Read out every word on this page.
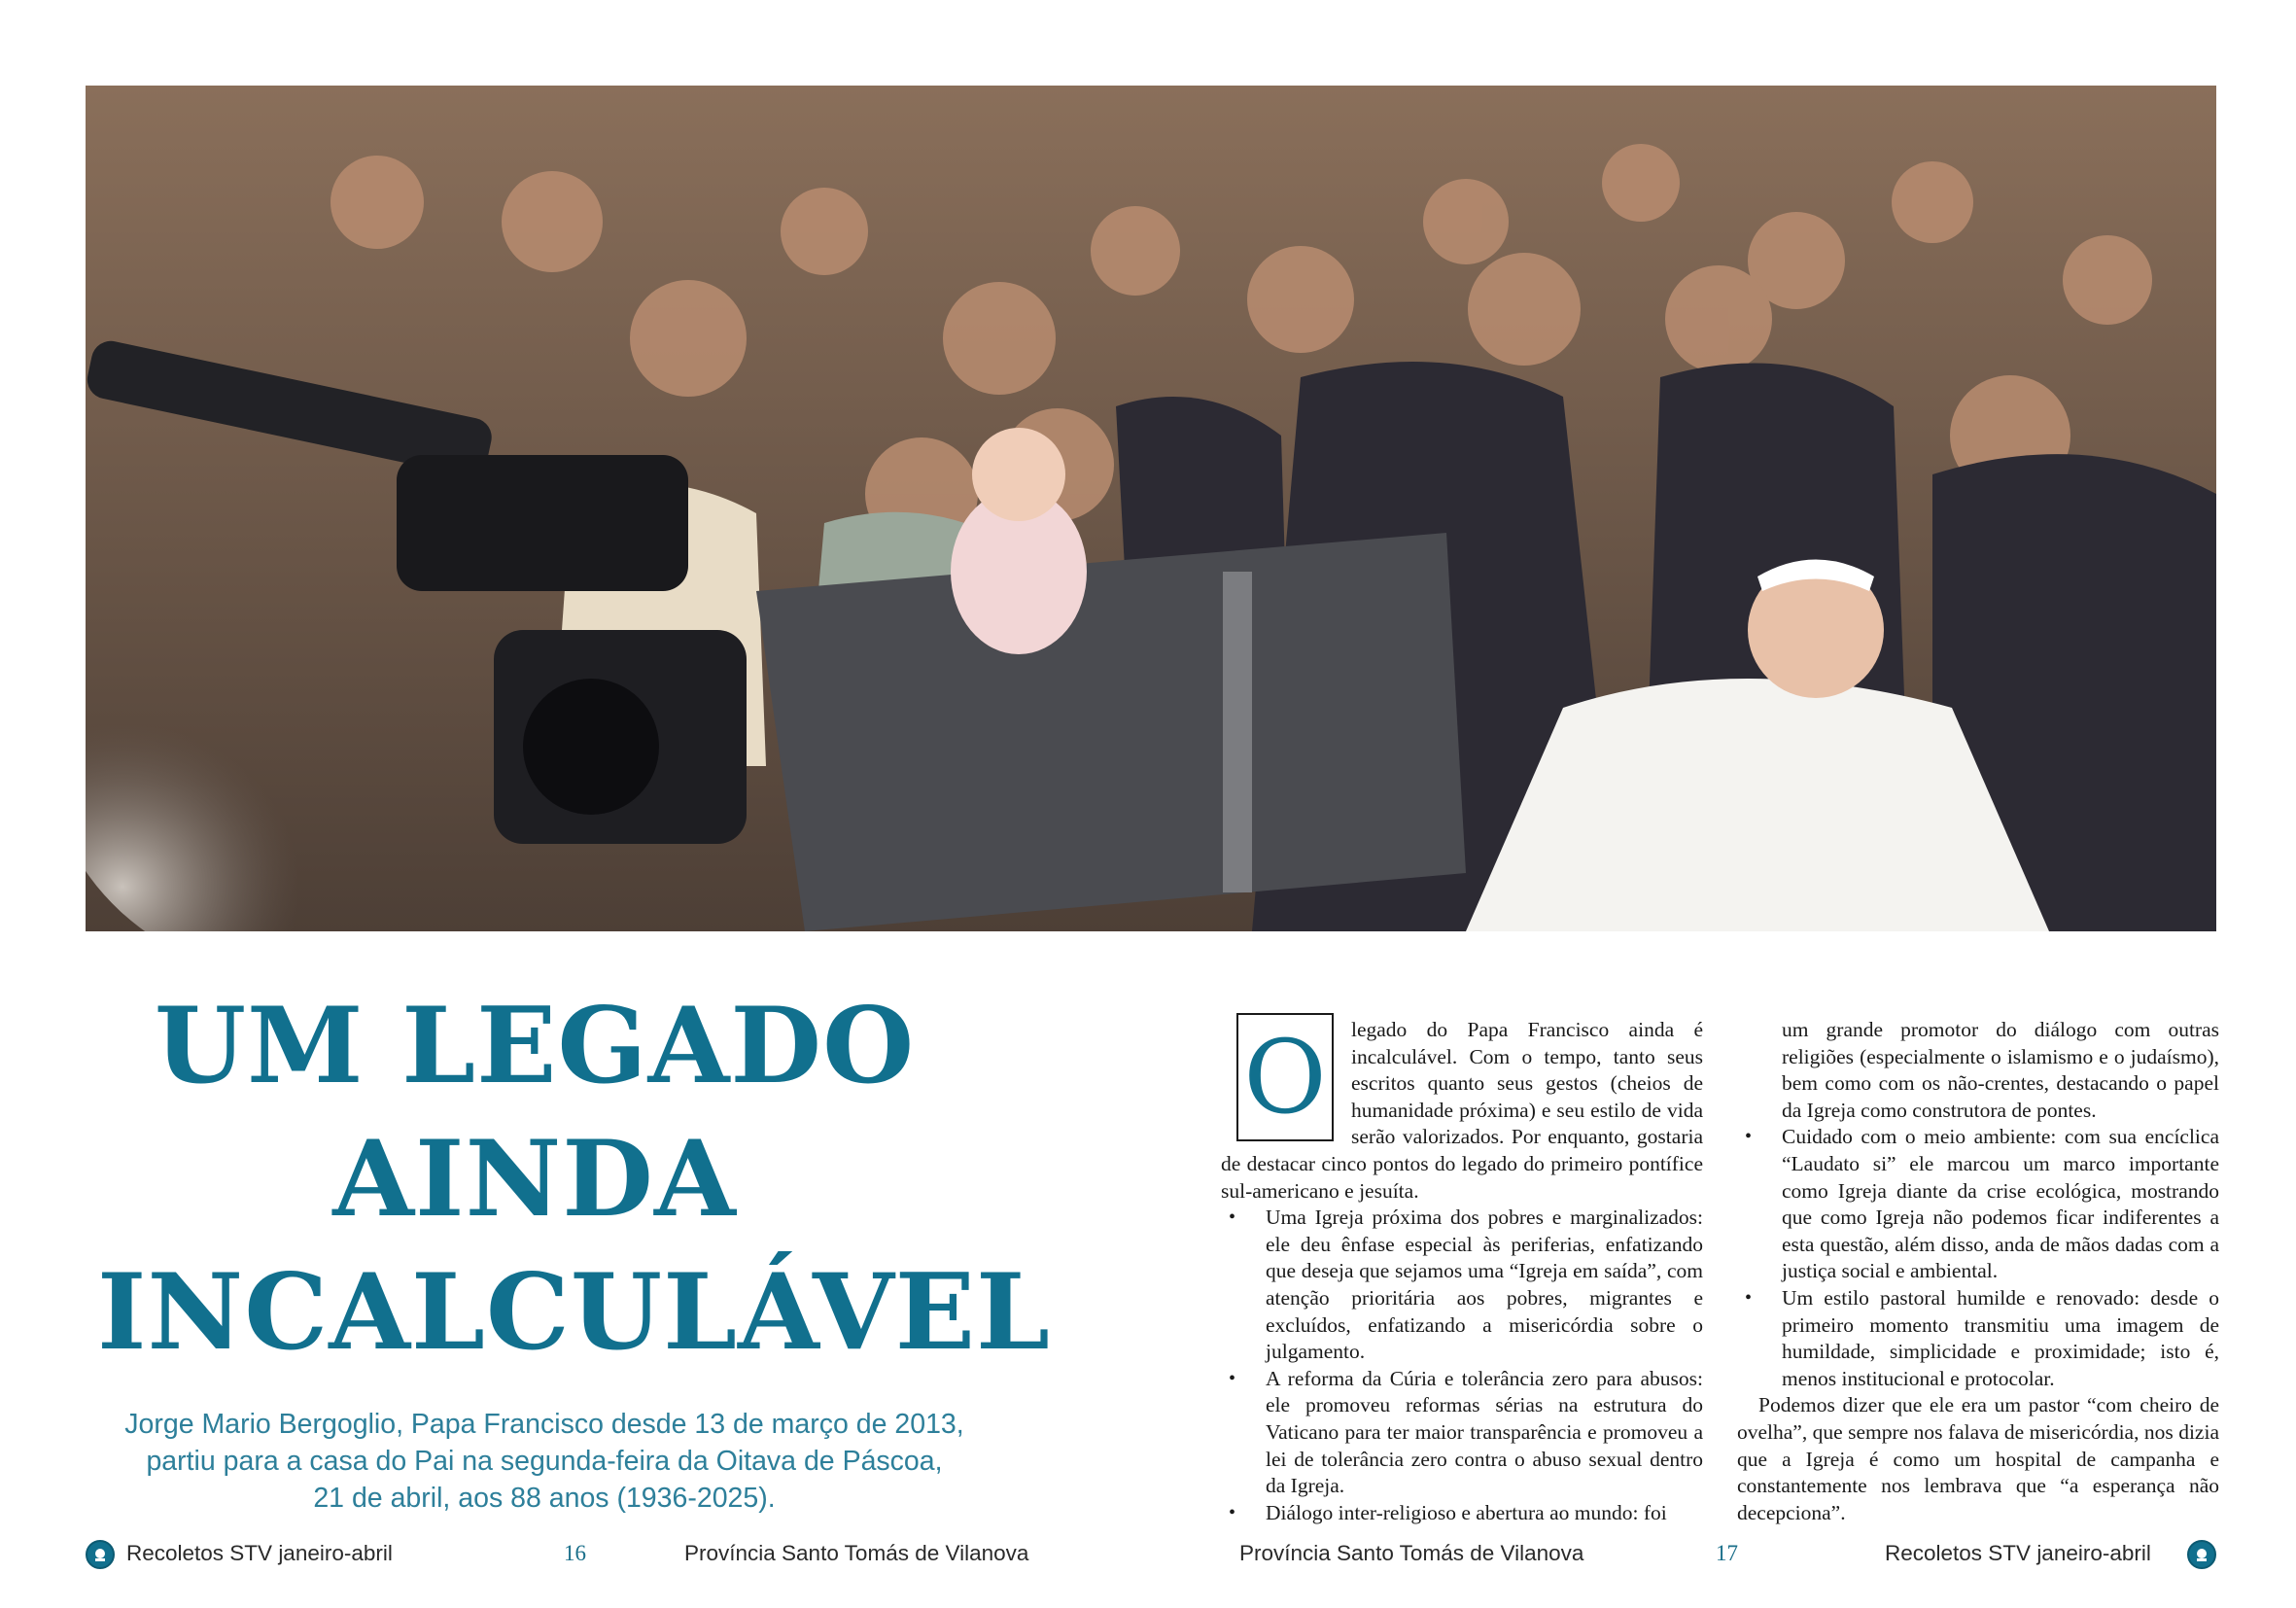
UM LEGADO
AINDA
INCALCULÁVEL
Jorge Mario Bergoglio, Papa Francisco desde 13 de março de 2013,
partiu para a casa do Pai na segunda-feira da Oitava de Páscoa,
21 de abril, aos 88 anos (1936-2025).

O	legado do Papa Francisco ainda é incalculável. Com o tempo, tanto seus escritos quanto seus gestos (cheios de humanidade próxima) e seu estilo de vida serão valorizados. Por enquanto, gostaria de destacar cinco pontos do legado do primeiro pontífice sul-americano e jesuíta.

• Uma Igreja próxima dos pobres e marginalizados: ele deu ênfase especial às periferias, enfatizando que deseja que sejamos uma “Igreja em saída”, com atenção prioritária aos pobres, migrantes e excluídos, enfatizando a misericórdia sobre o julgamento.
• A reforma da Cúria e tolerância zero para abusos: ele promoveu reformas sérias na estrutura do Vaticano para ter maior transparência e promoveu a lei de tolerância zero contra o abuso sexual dentro da Igreja.
• Diálogo inter-religioso e abertura ao mundo: foi

um grande promotor do diálogo com outras religiões (especialmente o islamismo e o judaísmo), bem como com os não-crentes, destacando o papel da Igreja como construtora de pontes.

• Cuidado com o meio ambiente: com sua encíclica “Laudato si” ele marcou um marco importante como Igreja diante da crise ecológica, mostrando que como Igreja não podemos ficar indiferentes a esta questão, além disso, anda de mãos dadas com a justiça social e ambiental.
• Um estilo pastoral humilde e renovado: desde o primeiro momento transmitiu uma imagem de humildade, simplicidade e proximidade; isto é, menos institucional e protocolar.

Podemos dizer que ele era um pastor “com cheiro de ovelha”, que sempre nos falava de misericórdia, nos dizia que a Igreja é como um hospital de campanha e constantemente nos lembrava que “a esperança não decepciona”.

Recoletos STV janeiro-abril	16	Província Santo Tomás de Vilanova	Província Santo Tomás de Vilanova	17	Recoletos STV janeiro-abril
